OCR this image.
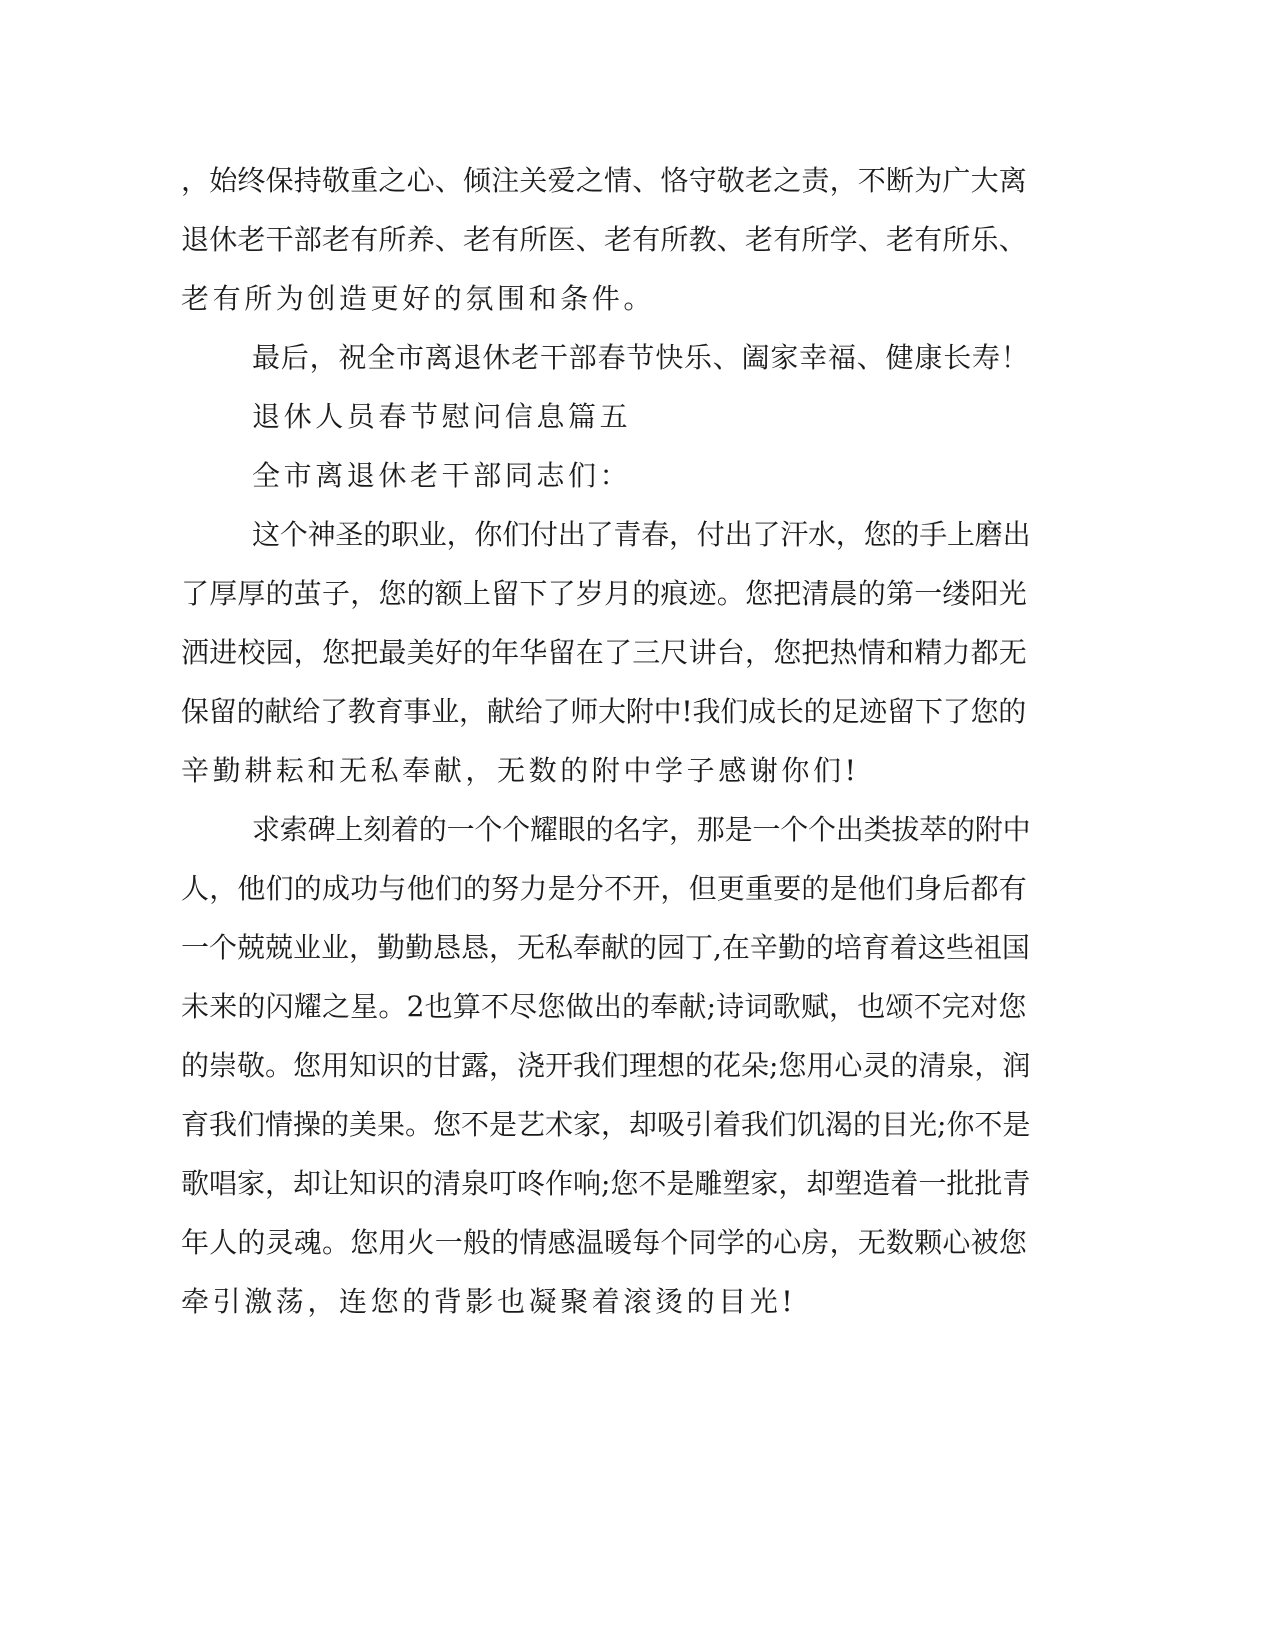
，始终保持敬重之心、倾注关爱之情、恪守敬老之责，不断为广大离
退休老干部老有所养、老有所医、老有所教、老有所学、老有所乐、
老有所为创造更好的氛围和条件。
最后，祝全市离退休老干部春节快乐、阖家幸福、健康长寿！
退休人员春节慰问信息篇五
全市离退休老干部同志们：
这个神圣的职业，你们付出了青春，付出了汗水，您的手上磨出
了厚厚的茧子，您的额上留下了岁月的痕迹。您把清晨的第一缕阳光
洒进校园，您把最美好的年华留在了三尺讲台，您把热情和精力都无
保留的献给了教育事业，献给了师大附中!我们成长的足迹留下了您的
辛勤耕耘和无私奉献，无数的附中学子感谢你们!
求索碑上刻着的一个个耀眼的名字，那是一个个出类拔萃的附中
人，他们的成功与他们的努力是分不开，但更重要的是他们身后都有
一个兢兢业业，勤勤恳恳，无私奉献的园丁,在辛勤的培育着这些祖国
未来的闪耀之星。2也算不尽您做出的奉献;诗词歌赋，也颂不完对您
的崇敬。您用知识的甘露，浇开我们理想的花朵;您用心灵的清泉，润
育我们情操的美果。您不是艺术家，却吸引着我们饥渴的目光;你不是
歌唱家，却让知识的清泉叮咚作响;您不是雕塑家，却塑造着一批批青
年人的灵魂。您用火一般的情感温暖每个同学的心房，无数颗心被您
牵引激荡，连您的背影也凝聚着滚烫的目光!
